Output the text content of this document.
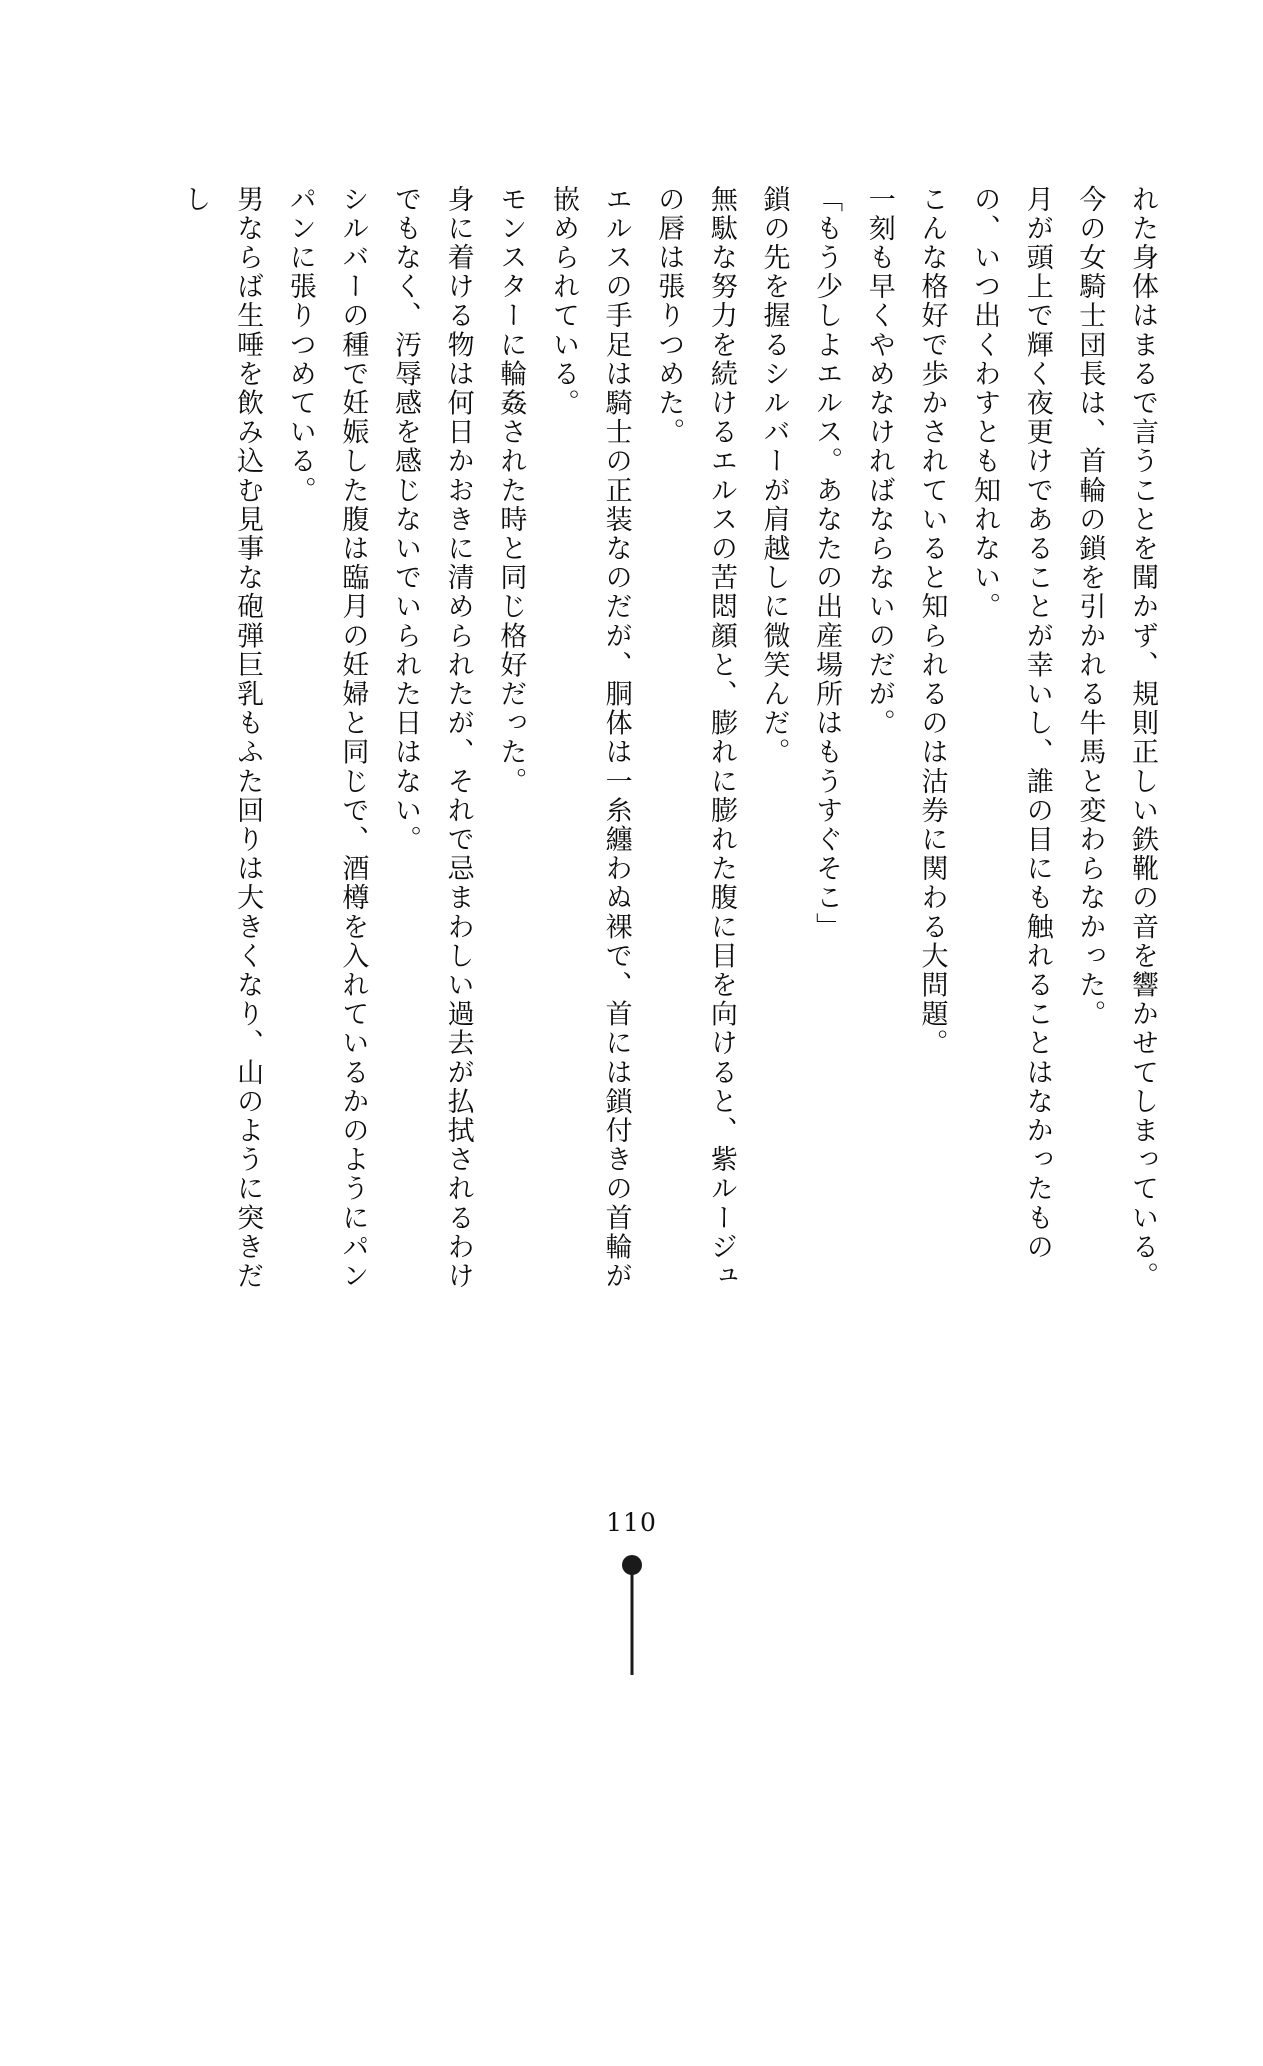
れた身体はまるで言うことを聞かず、規則正しい鉄靴の音を響かせてしまっている。

今の女騎士団長は、首輪の鎖を引かれる牛馬と変わらなかった。

月が頭上で輝く夜更けであることが幸いし、誰の目にも触れることはなかったものの、いつ出くわすとも知れない。

こんな格好で歩かされていると知られるのは沽券に関わる大問題。

一刻も早くやめなければならないのだが。

「もう少しよエルス。あなたの出産場所はもうすぐそこ」

鎖の先を握るシルバーが肩越しに微笑んだ。

無駄な努力を続けるエルスの苦悶顔と、膨れに膨れた腹に目を向けると、紫ルージュの唇は張りつめた。

エルスの手足は騎士の正装なのだが、胴体は一糸纏わぬ裸で、首には鎖付きの首輪が嵌められている。

モンスターに輪姦された時と同じ格好だった。

身に着ける物は何日かおきに清められたが、それで忌まわしい過去が払拭されるわけでもなく、汚辱感を感じないでいられた日はない。

シルバーの種で妊娠した腹は臨月の妊婦と同じで、酒樽を入れているかのようにパンパンに張りつめている。

男ならば生唾を飲み込む見事な砲弾巨乳もふた回りは大きくなり、山のように突きだし

110
